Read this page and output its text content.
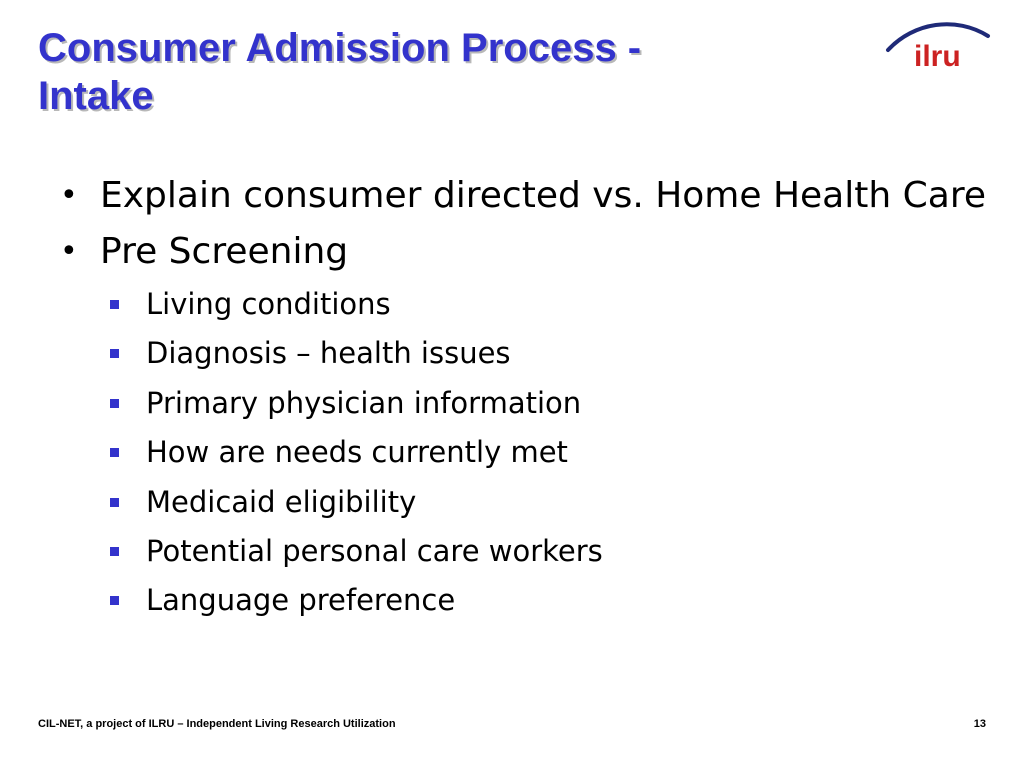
Consumer Admission Process -
Intake
ilru
• Explain consumer directed vs. Home Health Care
• Pre Screening
Living conditions
Diagnosis – health issues
Primary physician information
How are needs currently met
Medicaid eligibility
Potential personal care workers
Language preference
CIL-NET, a project of ILRU – Independent Living Research Utilization	13
